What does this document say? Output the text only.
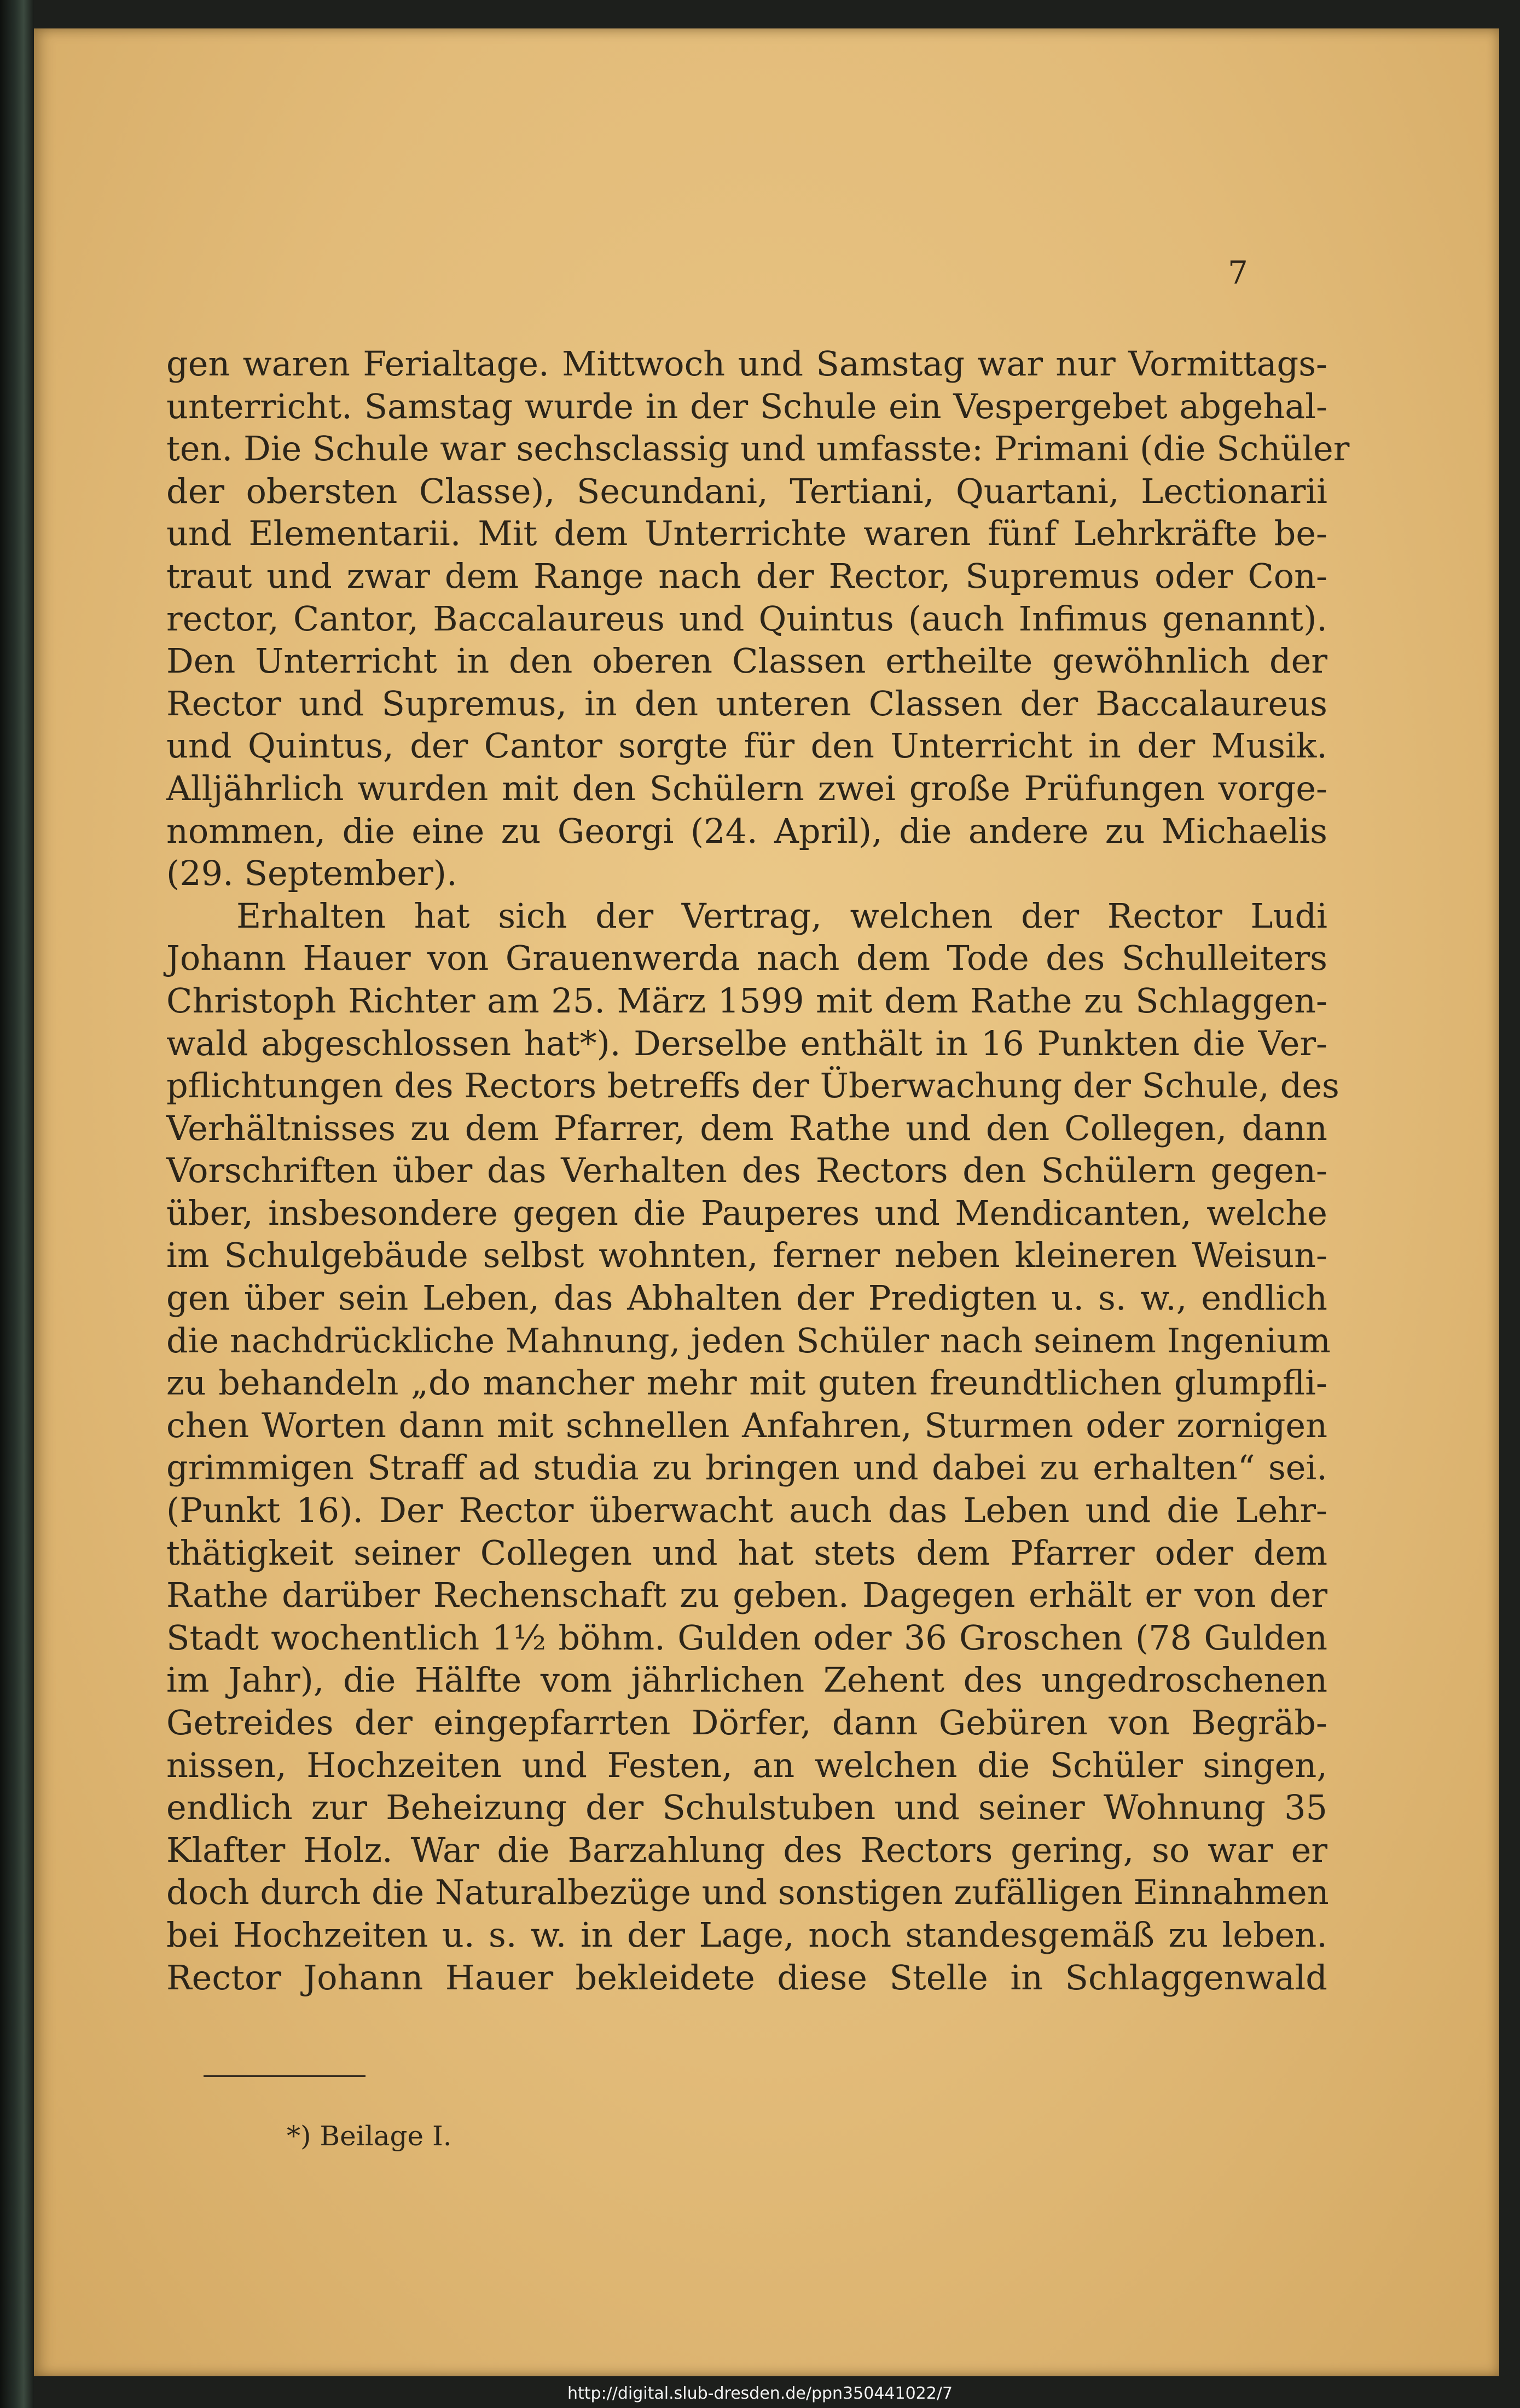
7

gen waren Ferialtage. Mittwoch und Samstag war nur Vormittags-

unterricht. Samstag wurde in der Schule ein Vespergebet abgehal-

ten. Die Schule war sechsclassig und umfasste: Primani (die Schüler

der obersten Classe), Secundani, Tertiani, Quartani, Lectionarii

und Elementarii. Mit dem Unterrichte waren fünf Lehrkräfte be-

traut und zwar dem Range nach der Rector, Supremus oder Con-

rector, Cantor, Baccalaureus und Quintus (auch Infimus genannt).

Den Unterricht in den oberen Classen ertheilte gewöhnlich der

Rector und Supremus, in den unteren Classen der Baccalaureus

und Quintus, der Cantor sorgte für den Unterricht in der Musik.

Alljährlich wurden mit den Schülern zwei große Prüfungen vorge-

nommen, die eine zu Georgi (24. April), die andere zu Michaelis

(29. September).

Erhalten hat sich der Vertrag, welchen der Rector Ludi

Johann Hauer von Grauenwerda nach dem Tode des Schulleiters

Christoph Richter am 25. März 1599 mit dem Rathe zu Schlaggen-

wald abgeschlossen hat*). Derselbe enthält in 16 Punkten die Ver-

pflichtungen des Rectors betreffs der Überwachung der Schule, des

Verhältnisses zu dem Pfarrer, dem Rathe und den Collegen, dann

Vorschriften über das Verhalten des Rectors den Schülern gegen-

über, insbesondere gegen die Pauperes und Mendicanten, welche

im Schulgebäude selbst wohnten, ferner neben kleineren Weisun-

gen über sein Leben, das Abhalten der Predigten u. s. w., endlich

die nachdrückliche Mahnung, jeden Schüler nach seinem Ingenium

zu behandeln „do mancher mehr mit guten freundtlichen glumpfli-

chen Worten dann mit schnellen Anfahren, Sturmen oder zornigen

grimmigen Straff ad studia zu bringen und dabei zu erhalten“ sei.

(Punkt 16). Der Rector überwacht auch das Leben und die Lehr-

thätigkeit seiner Collegen und hat stets dem Pfarrer oder dem

Rathe darüber Rechenschaft zu geben. Dagegen erhält er von der

Stadt wochentlich 1½ böhm. Gulden oder 36 Groschen (78 Gulden

im Jahr), die Hälfte vom jährlichen Zehent des ungedroschenen

Getreides der eingepfarrten Dörfer, dann Gebüren von Begräb-

nissen, Hochzeiten und Festen, an welchen die Schüler singen,

endlich zur Beheizung der Schulstuben und seiner Wohnung 35

Klafter Holz. War die Barzahlung des Rectors gering, so war er

doch durch die Naturalbezüge und sonstigen zufälligen Einnahmen

bei Hochzeiten u. s. w. in der Lage, noch standesgemäß zu leben.

Rector Johann Hauer bekleidete diese Stelle in Schlaggenwald

*) Beilage I.

http://digital.slub-dresden.de/ppn350441022/7
